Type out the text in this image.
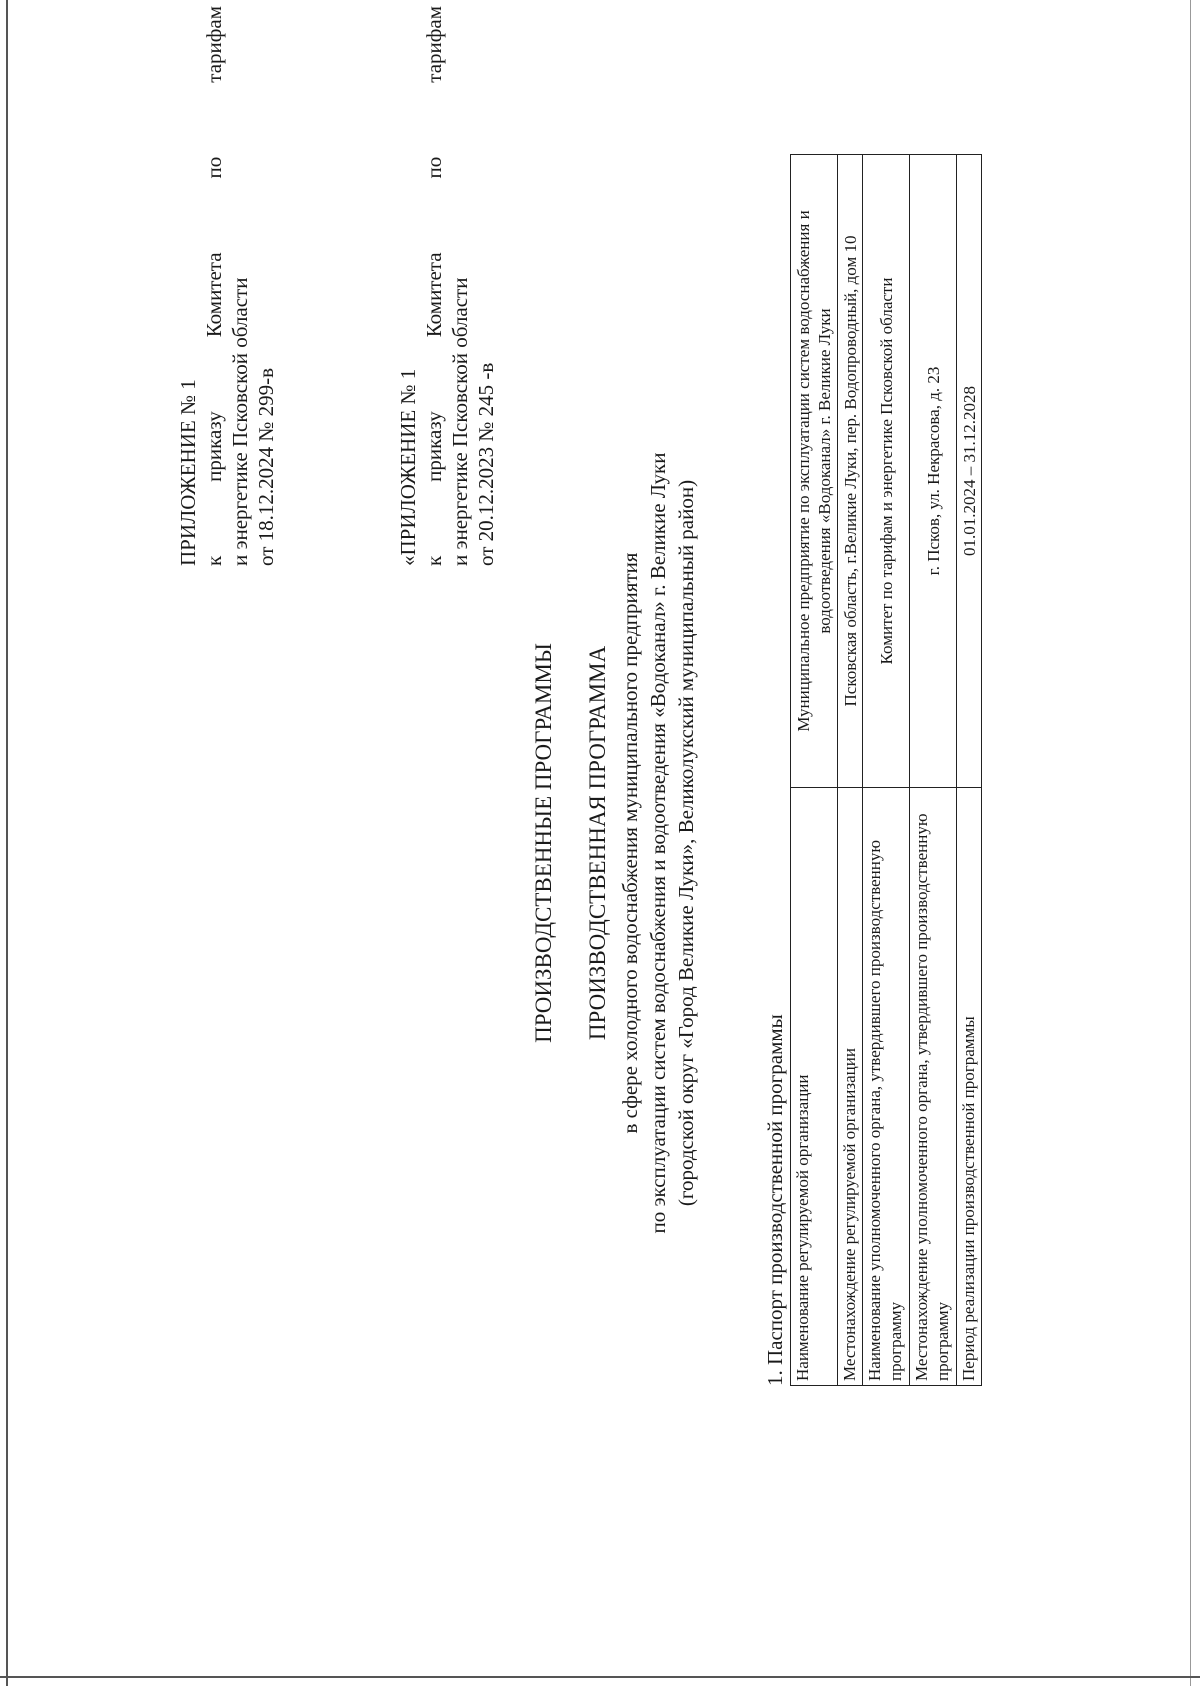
ПРИЛОЖЕНИЕ № 1 к
приказу
Комитета
по
тарифам
и энергетике Псковской области от 18.12.2024 № 299-в	«ПРИЛОЖЕНИЕ № 1 к
приказу
Комитета
по
тарифам
и энергетике Псковской области от 20.12.2023 № 245 -в
ПРОИЗВОДСТВЕННЫЕ ПРОГРАММЫ ПРОИЗВОДСТВЕННАЯ ПРОГРАММА в сфере холодного водоснабжения муниципального предприятия по эксплуатации систем водоснабжения и водоотведения «Водоканал» г. Великие Луки (городской округ «Город Великие Луки», Великолукский муниципальный район)	1. Паспорт производственной программы Наименование регулируемой организации	Муниципальное предприятие по эксплуатации систем водоснабжения и водоотведения «Водоканал» г. Великие Луки
Местонахождение регулируемой организации	Псковская область, г.Великие Луки, пер. Водопроводный, дом 10
Наименование уполномоченного органа, утвердившего производственную программу	Комитет по тарифам и энергетике Псковской области
Местонахождение уполномоченного органа, утвердившего производственную программу	г. Псков, ул. Некрасова, д. 23
Период реализации производственной программы	01.01.2024 – 31.12.2028
